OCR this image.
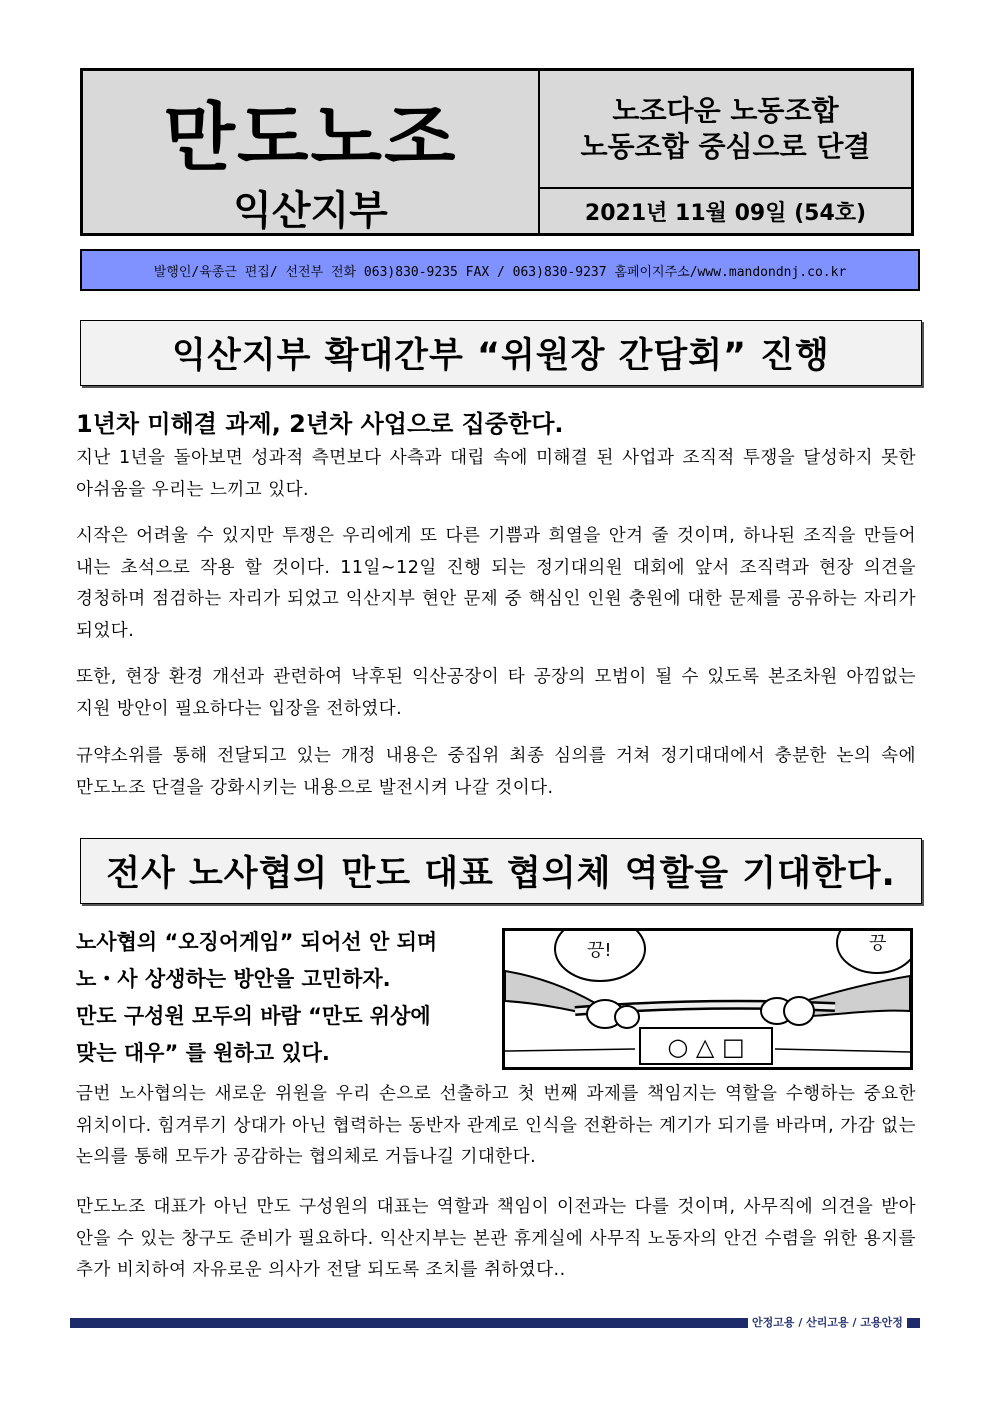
만도노조
익산지부
노조다운 노동조합
노동조합 중심으로 단결
2021년 11월 09일 (54호)
발행인/육종근 편집/ 선전부 전화 063)830-9235 FAX / 063)830-9237 홈페이지주소/www.mandondnj.co.kr
익산지부 확대간부 “위원장 간담회” 진행
1년차 미해결 과제, 2년차 사업으로 집중한다.
지난 1년을 돌아보면 성과적 측면보다 사측과 대립 속에 미해결 된 사업과 조직적 투쟁을 달성하지 못한 아쉬움을 우리는 느끼고 있다.
시작은 어려울 수 있지만 투쟁은 우리에게 또 다른 기쁨과 희열을 안겨 줄 것이며, 하나된 조직을 만들어 내는 초석으로 작용 할 것이다. 11일~12일 진행 되는 정기대의원 대회에 앞서 조직력과 현장 의견을 경청하며 점검하는 자리가 되었고 익산지부 현안 문제 중 핵심인 인원 충원에 대한 문제를 공유하는 자리가 되었다.
또한, 현장 환경 개선과 관련하여 낙후된 익산공장이 타 공장의 모범이 될 수 있도록 본조차원 아낌없는 지원 방안이 필요하다는 입장을 전하였다.
규약소위를 통해 전달되고 있는 개정 내용은 중집위 최종 심의를 거쳐 정기대대에서 충분한 논의 속에 만도노조 단결을 강화시키는 내용으로 발전시켜 나갈 것이다.
전사 노사협의 만도 대표 협의체 역할을 기대한다.
노사협의 “오징어게임” 되어선 안 되며
노・사 상생하는 방안을 고민하자.
만도 구성원 모두의 바람 “만도 위상에
맞는 대우” 를 원하고 있다.
끙!	끙
○ △ □
금번 노사협의는 새로운 위원을 우리 손으로 선출하고 첫 번째 과제를 책임지는 역할을 수행하는 중요한 위치이다. 힘겨루기 상대가 아닌 협력하는 동반자 관계로 인식을 전환하는 계기가 되기를 바라며, 가감 없는 논의를 통해 모두가 공감하는 협의체로 거듭나길 기대한다.
만도노조 대표가 아닌 만도 구성원의 대표는 역할과 책임이 이전과는 다를 것이며, 사무직에 의견을 받아 안을 수 있는 창구도 준비가 필요하다. 익산지부는 본관 휴게실에 사무직 노동자의 안건 수렴을 위한 용지를 추가 비치하여 자유로운 의사가 전달 되도록 조치를 취하였다..
안정고용 / 산리고용 / 고용안정
